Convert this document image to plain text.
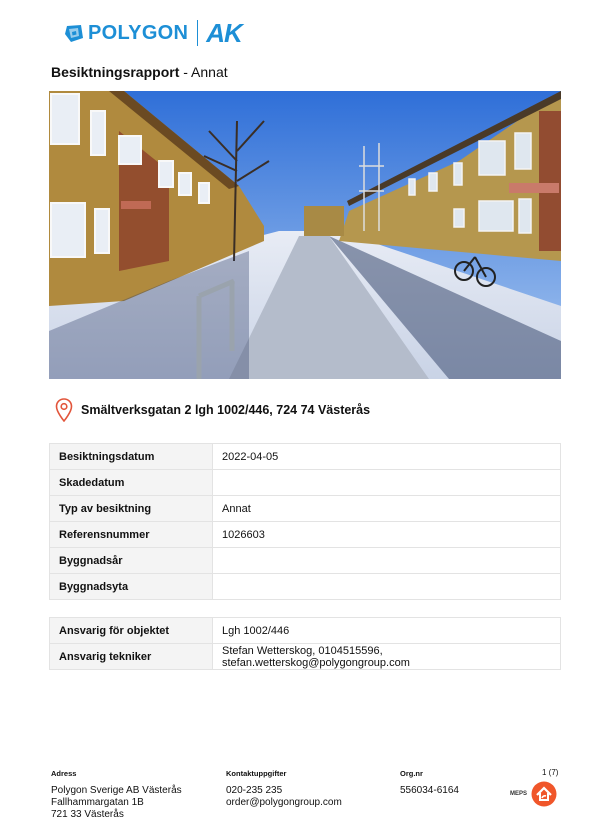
POLYGON AK
Besiktningsrapport - Annat
Smältverksgatan 2 lgh 1002/446, 724 74 Västerås
Besiktningsdatum	2022-04-05
Skadedatum	
Typ av besiktning	Annat
Referensnummer	1026603
Byggnadsår	
Byggnadsyta	
Ansvarig för objektet	Lgh 1002/446
Ansvarig tekniker	Stefan Wetterskog, 0104515596, stefan.wetterskog@polygongroup.com
Adress
Polygon Sverige AB Västerås
Fallhammargatan 1B
721 33 Västerås
Kontaktuppgifter
020-235 235
order@polygongroup.com
Org.nr
556034-6164
1 (7)
MEPS
